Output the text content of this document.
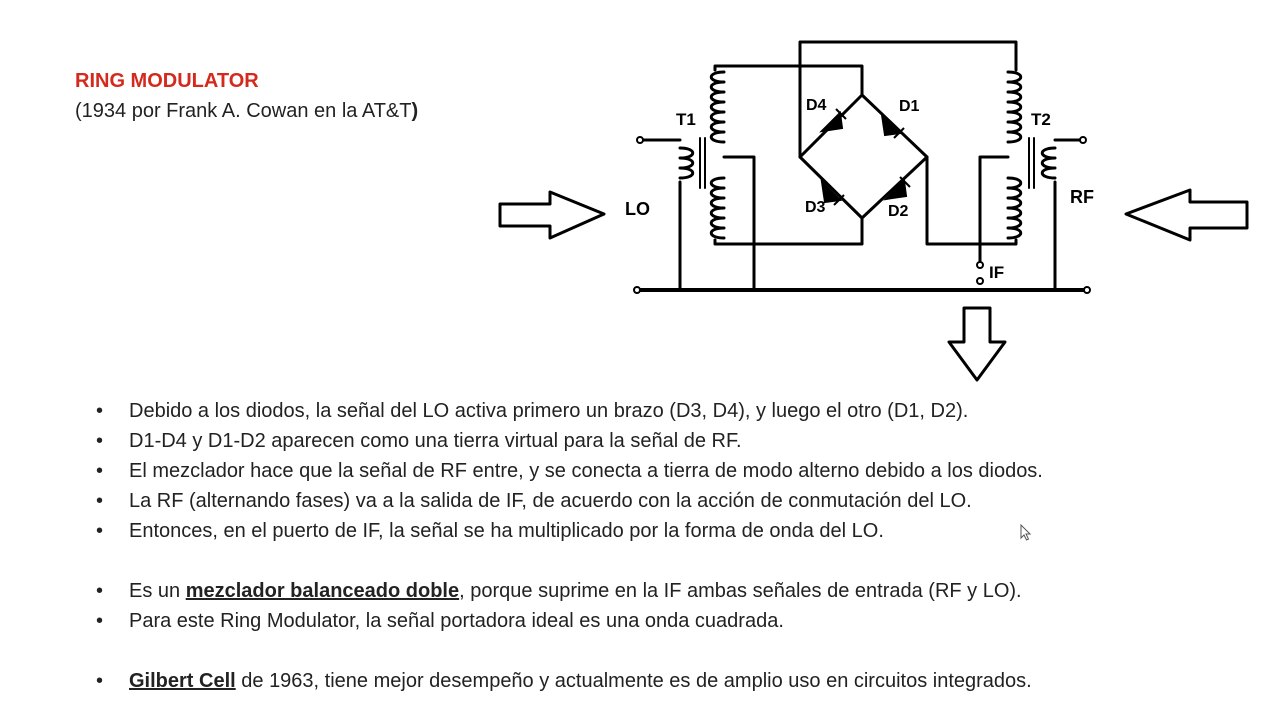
RING MODULATOR
(1934 por Frank A. Cowan en la AT&T)	T1	T2
LO
RF
IF
D4	D1
D3	D2
• Debido a los diodos, la señal del LO activa primero un brazo (D3, D4), y luego el otro (D1, D2).
• D1-D4 y D1-D2 aparecen como una tierra virtual para la señal de RF.
• El mezclador hace que la señal de RF entre, y se conecta a tierra de modo alterno debido a los diodos.
• La RF (alternando fases) va a la salida de IF, de acuerdo con la acción de conmutación del LO.
• Entonces, en el puerto de IF, la señal se ha multiplicado por la forma de onda del LO.
• Es un mezclador balanceado doble, porque suprime en la IF ambas señales de entrada (RF y LO).
• Para este Ring Modulator, la señal portadora ideal es una onda cuadrada.
• Gilbert Cell de 1963, tiene mejor desempeño y actualmente es de amplio uso en circuitos integrados.
